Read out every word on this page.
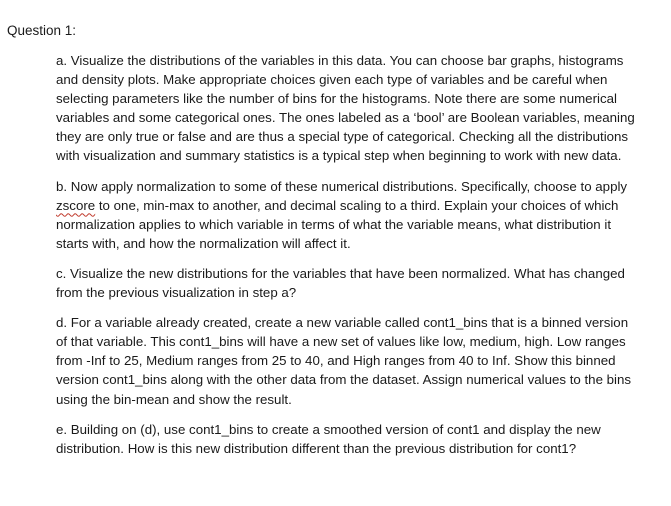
Question 1:

a. Visualize the distributions of the variables in this data. You can choose bar graphs, histograms and density plots. Make appropriate choices given each type of variables and be careful when selecting parameters like the number of bins for the histograms. Note there are some numerical variables and some categorical ones. The ones labeled as a ‘bool’ are Boolean variables, meaning they are only true or false and are thus a special type of categorical. Checking all the distributions with visualization and summary statistics is a typical step when beginning to work with new data.

b. Now apply normalization to some of these numerical distributions. Specifically, choose to apply zscore to one, min-max to another, and decimal scaling to a third. Explain your choices of which normalization applies to which variable in terms of what the variable means, what distribution it starts with, and how the normalization will affect it.

c. Visualize the new distributions for the variables that have been normalized. What has changed from the previous visualization in step a?

d. For a variable already created, create a new variable called cont1_bins that is a binned version of that variable. This cont1_bins will have a new set of values like low, medium, high. Low ranges from -Inf to 25, Medium ranges from 25 to 40, and High ranges from 40 to Inf. Show this binned version cont1_bins along with the other data from the dataset. Assign numerical values to the bins using the bin-mean and show the result.

e. Building on (d), use cont1_bins to create a smoothed version of cont1 and display the new distribution. How is this new distribution different than the previous distribution for cont1?
